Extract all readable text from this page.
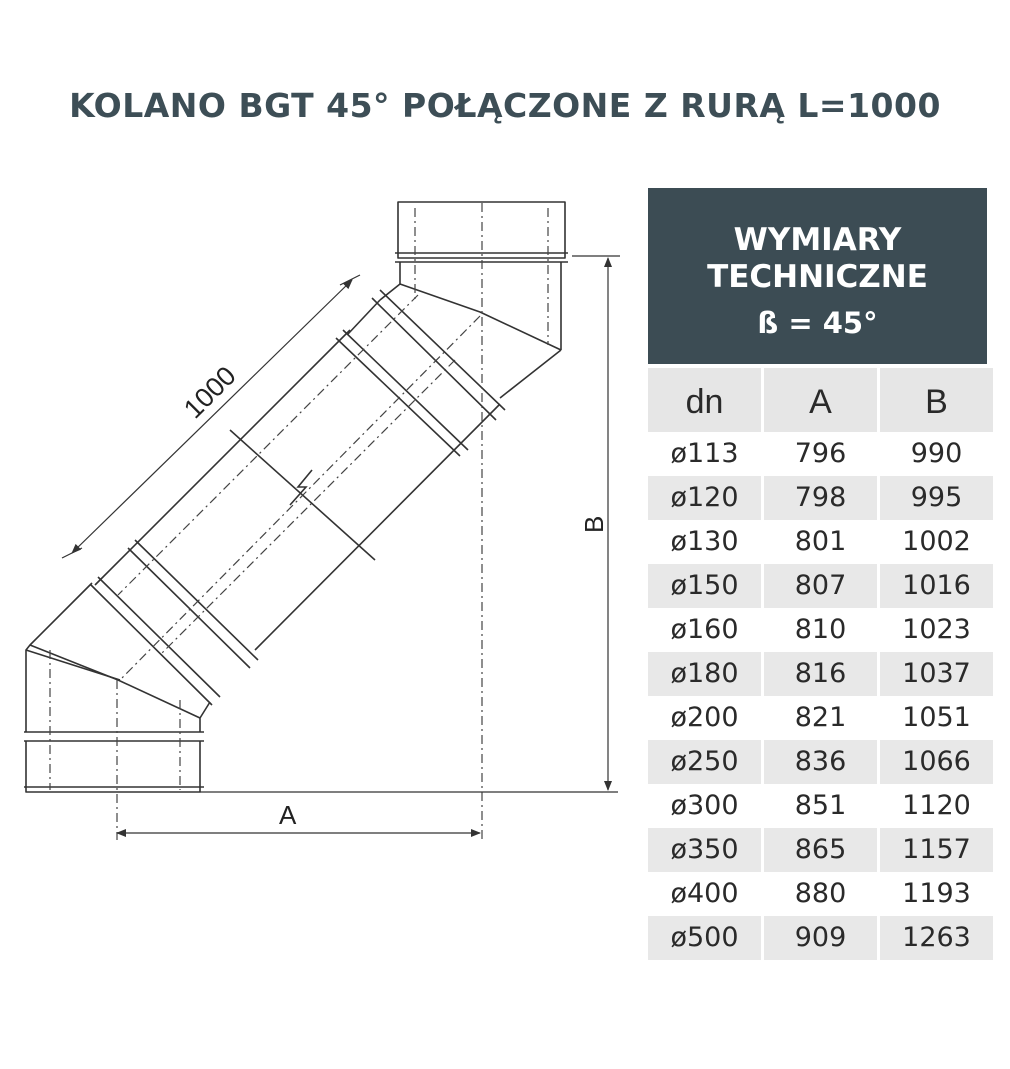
KOLANO BGT 45° POŁĄCZONE Z RURĄ L=1000
1000
A
B
WYMIARY
TECHNICZNE
ß = 45°
dn	A	B
ø113	796	990
ø120	798	995
ø130	801	1002
ø150	807	1016
ø160	810	1023
ø180	816	1037
ø200	821	1051
ø250	836	1066
ø300	851	1120
ø350	865	1157
ø400	880	1193
ø500	909	1263
